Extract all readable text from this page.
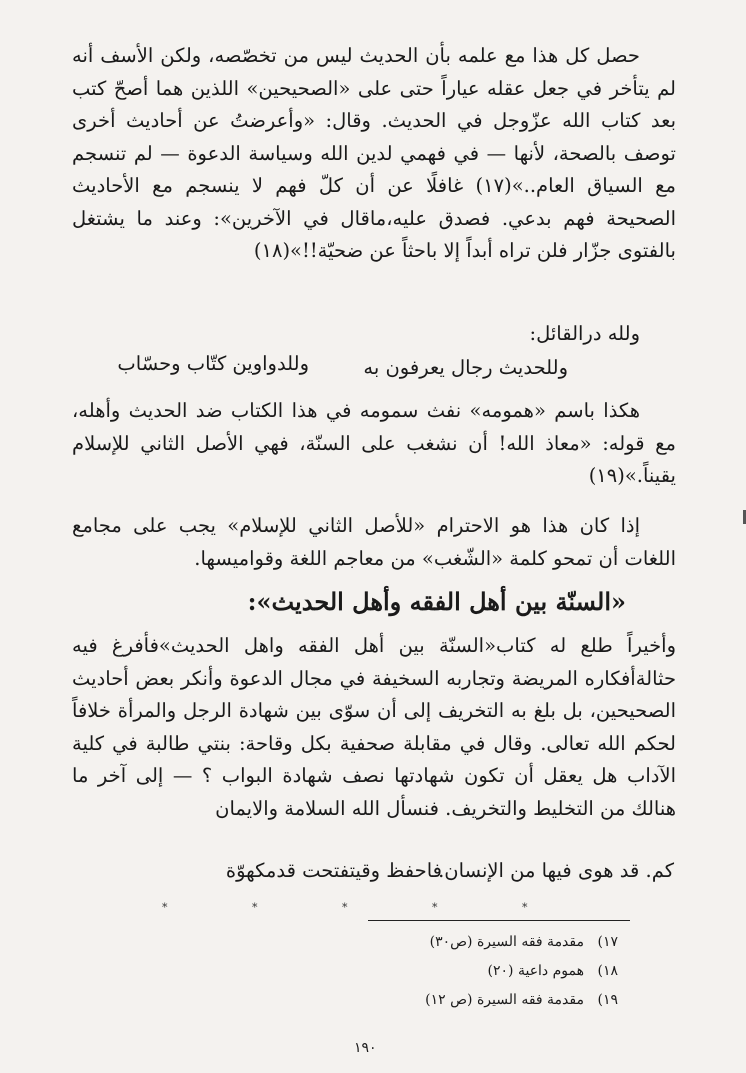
حصل كل هذا مع علمه بأن الحديث ليس من تخصّصه، ولكن الأسف أنه لم يتأخر في جعل عقله عياراً حتى على «الصحيحين» اللذين هما أصحّ كتب بعد كتاب الله عزّوجل في الحديث. وقال: «وأعرضتُ عن أحاديث أخرى توصف بالصحة، لأنها — في فهمي لدين الله وسياسة الدعوة — لم تنسجم مع السياق العام..»(١٧) غافلًا عن أن كلّ فهم لا ينسجم مع الأحاديث الصحيحة فهم بدعي. فصدق عليه،ماقال في الآخرين»: وعند ما يشتغل بالفتوى جزّار فلن تراه أبداً إلا باحثاً عن ضحيّة!!»(١٨)

ولله درالقائل:
وللحديث رجال يعرفون به
وللدواوين كتّاب وحسّاب

هكذا باسم «همومه» نفث سمومه في هذا الكتاب ضد الحديث وأهله، مع قوله: «معاذ الله! أن نشغب على السنّة، فهي الأصل الثاني للإسلام يقيناً.»(١٩)

إذا كان هذا هو الاحترام «للأصل الثاني للإسلام» يجب على مجامع اللغات أن تمحو كلمة «الشّغب» من معاجم اللغة وقواميسها.

«السنّة بين أهل الفقه وأهل الحديث»:

وأخيراً طلع له كتاب«السنّة بين أهل الفقه واهل الحديث»فأفرغ فيه حثالةأفكاره المريضة وتجاربه السخيفة في مجال الدعوة وأنكر بعض أحاديث الصحيحين، بل بلغ به التخريف إلى أن سوّى بين شهادة الرجل والمرأة خلافاً لحكم الله تعالى. وقال في مقابلة صحفية بكل وقاحة: بنتي طالبة في كلية الآداب هل يعقل أن تكون شهادتها نصف شهادة البواب ؟ — إلى آخر ما هنالك من التخليط والتخريف. فنسأل الله السلامة والايمان

فاحفظ وقيتفتحت قدمكهوّة
كم. قد هوى فيها من الإنسان.
*	*	*	*	*
١٧)
مقدمة فقه السيرة (ص٣٠)
١٨)
هموم داعية (٢٠)
١٩)
مقدمة فقه السيرة (ص ١٢)
١٩٠
